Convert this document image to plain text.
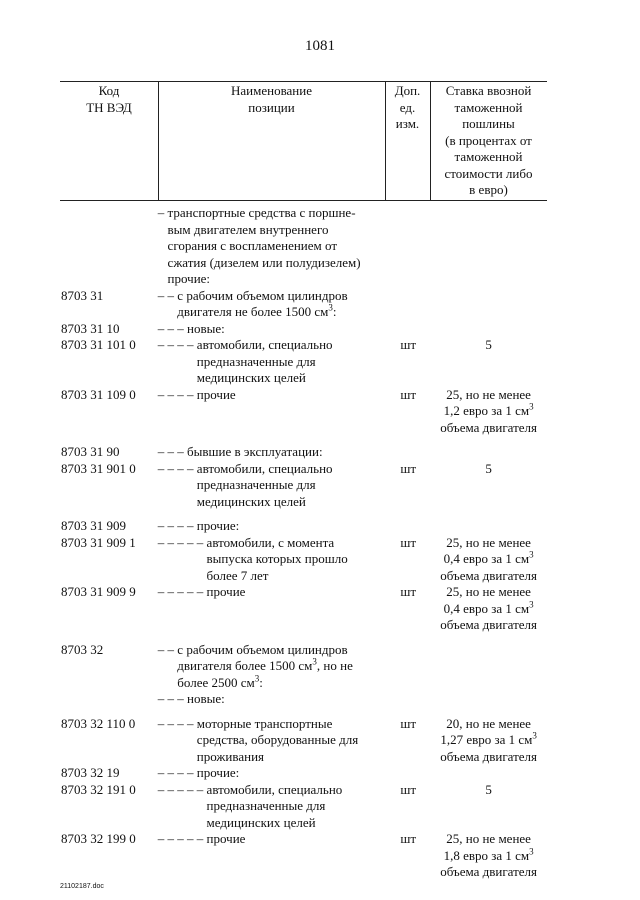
1081
Код
ТН ВЭД
Наименование
позиции
Доп.
ед.
изм.
Ставка ввозной
таможенной
пошлины
(в процентах от
таможенной
стоимости либо
в евро)
– транспортные средства с поршне-
вым двигателем внутреннего
сгорания с воспламенением от
сжатия (дизелем или полудизелем)
прочие:
8703 31	– – с рабочим объемом цилиндров
двигателя не более 1500 $см^3$:
8703 31 10	– – – новые:
8703 31 101 0	– – – – автомобили, специально
предназначенные для
медицинских целей
шт	5
8703 31 109 0	– – – – прочие	шт	25, но не менее
1,2 евро за 1 $см^3$
объема двигателя
8703 31 90	– – – бывшие в эксплуатации:
8703 31 901 0	– – – – автомобили, специально
предназначенные для
медицинских целей
шт	5
8703 31 909	– – – – прочие:
8703 31 909 1	– – – – – автомобили, с момента
выпуска которых прошло
более 7 лет
шт	25, но не менее
0,4 евро за 1 $см^3$
объема двигателя
8703 31 909 9	– – – – – прочие	шт	25, но не менее
0,4 евро за 1 $см^3$
объема двигателя
8703 32	– – с рабочим объемом цилиндров
двигателя более 1500 $см^3$, но не
более 2500 $см^3$:
– – – новые:
8703 32 110 0	– – – – моторные транспортные
средства, оборудованные для
проживания
шт	20, но не менее
1,27 евро за 1 $см^3$
объема двигателя
8703 32 19	– – – – прочие:
8703 32 191 0	– – – – – автомобили, специально
предназначенные для
медицинских целей
шт	5
8703 32 199 0	– – – – – прочие	шт	25, но не менее
1,8 евро за 1 $см^3$
объема двигателя
21102187.doc
